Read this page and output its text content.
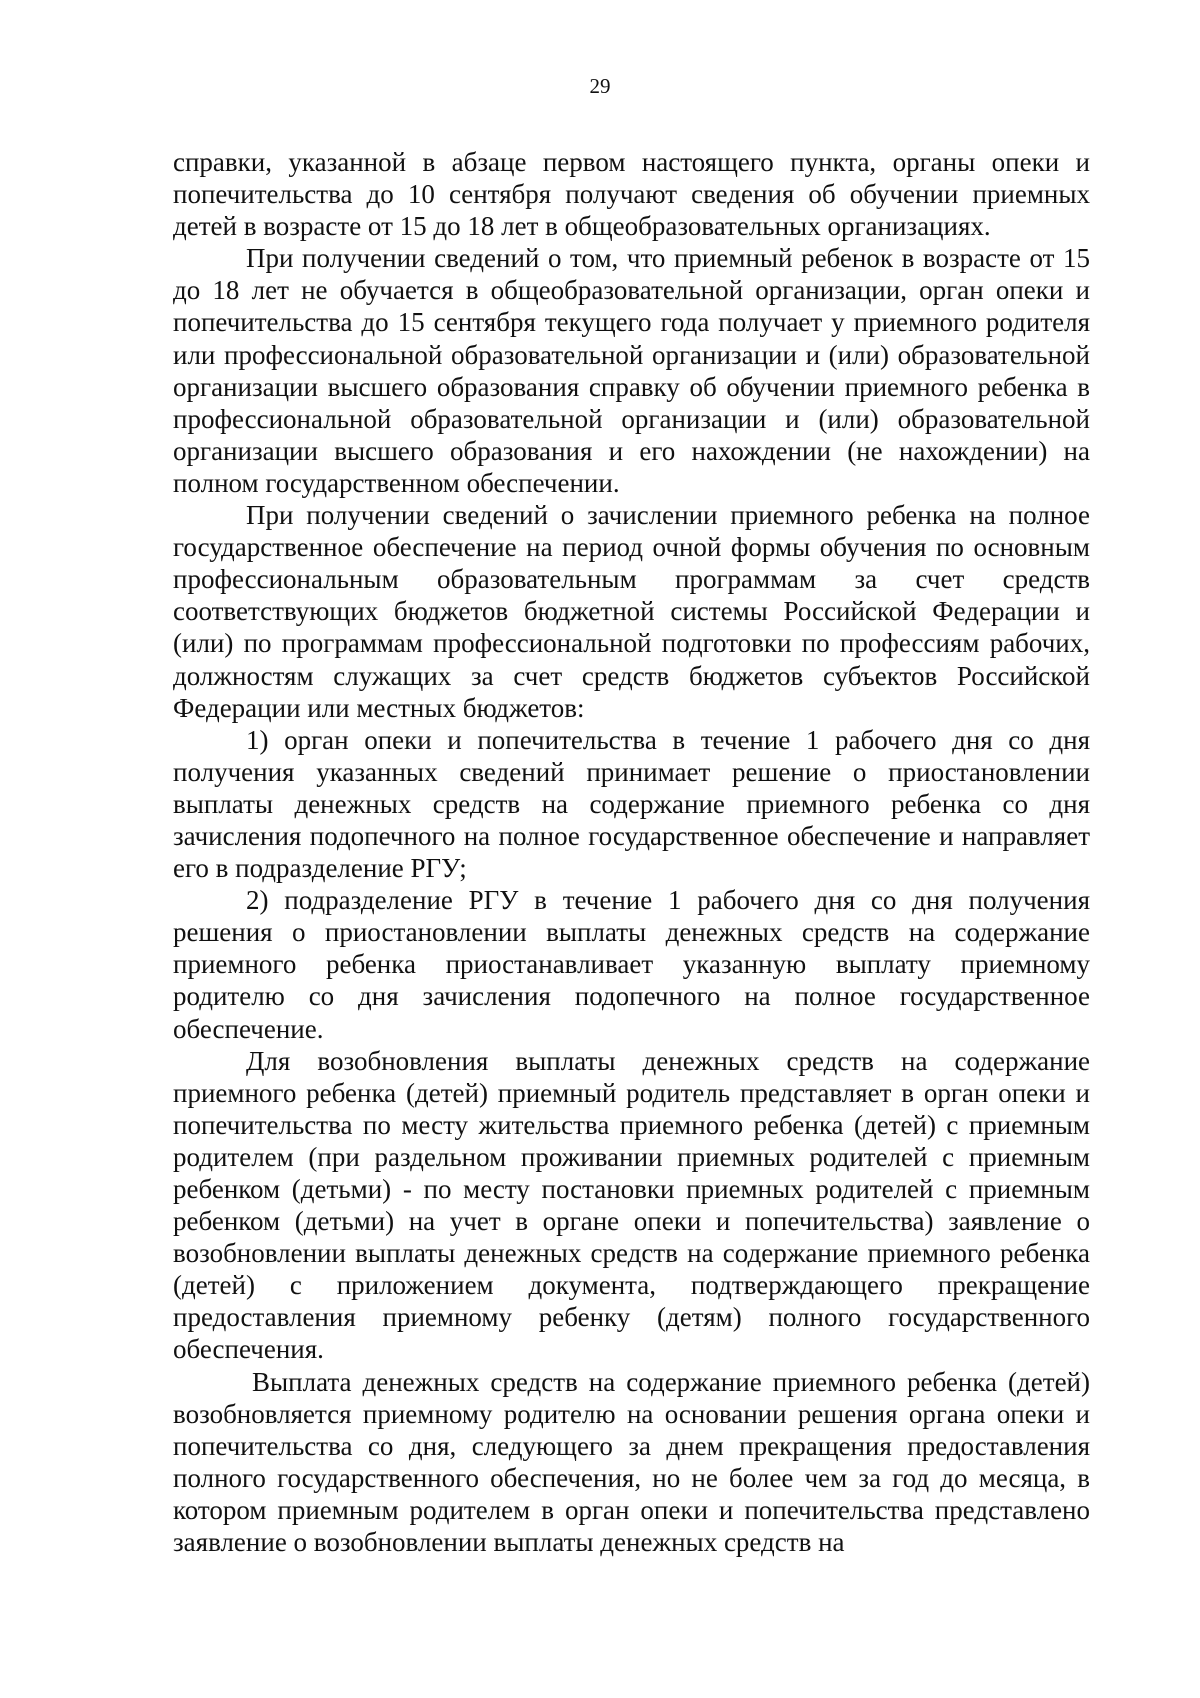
29

справки, указанной в абзаце первом настоящего пункта, органы опеки и попечительства до 10 сентября получают сведения об обучении приемных детей в возрасте от 15 до 18 лет в общеобразовательных организациях.

При получении сведений о том, что приемный ребенок в возрасте от 15 до 18 лет не обучается в общеобразовательной организации, орган опеки и попечительства до 15 сентября текущего года получает у приемного родителя или профессиональной образовательной организации и (или) образовательной организации высшего образования справку об обучении приемного ребенка в профессиональной образовательной организации и (или) образовательной организации высшего образования и его нахождении (не нахождении) на полном государственном обеспечении.

При получении сведений о зачислении приемного ребенка на полное государственное обеспечение на период очной формы обучения по основным профессиональным образовательным программам за счет средств соответствующих бюджетов бюджетной системы Российской Федерации и (или) по программам профессиональной подготовки по профессиям рабочих, должностям служащих за счет средств бюджетов субъектов Российской Федерации или местных бюджетов:

1) орган опеки и попечительства в течение 1 рабочего дня со дня получения указанных сведений принимает решение о приостановлении выплаты денежных средств на содержание приемного ребенка со дня зачисления подопечного на полное государственное обеспечение и направляет его в подразделение РГУ;

2) подразделение РГУ в течение 1 рабочего дня со дня получения решения о приостановлении выплаты денежных средств на содержание приемного ребенка приостанавливает указанную выплату приемному родителю со дня зачисления подопечного на полное государственное обеспечение.

Для возобновления выплаты денежных средств на содержание приемного ребенка (детей) приемный родитель представляет в орган опеки и попечительства по месту жительства приемного ребенка (детей) с приемным родителем (при раздельном проживании приемных родителей с приемным ребенком (детьми) - по месту постановки приемных родителей с приемным ребенком (детьми) на учет в органе опеки и попечительства) заявление о возобновлении выплаты денежных средств на содержание приемного ребенка (детей) с приложением документа, подтверждающего прекращение предоставления приемному ребенку (детям) полного государственного обеспечения.

Выплата денежных средств на содержание приемного ребенка (детей) возобновляется приемному родителю на основании решения органа опеки и попечительства со дня, следующего за днем прекращения предоставления полного государственного обеспечения, но не более чем за год до месяца, в котором приемным родителем в орган опеки и попечительства представлено заявление о возобновлении выплаты денежных средств на
